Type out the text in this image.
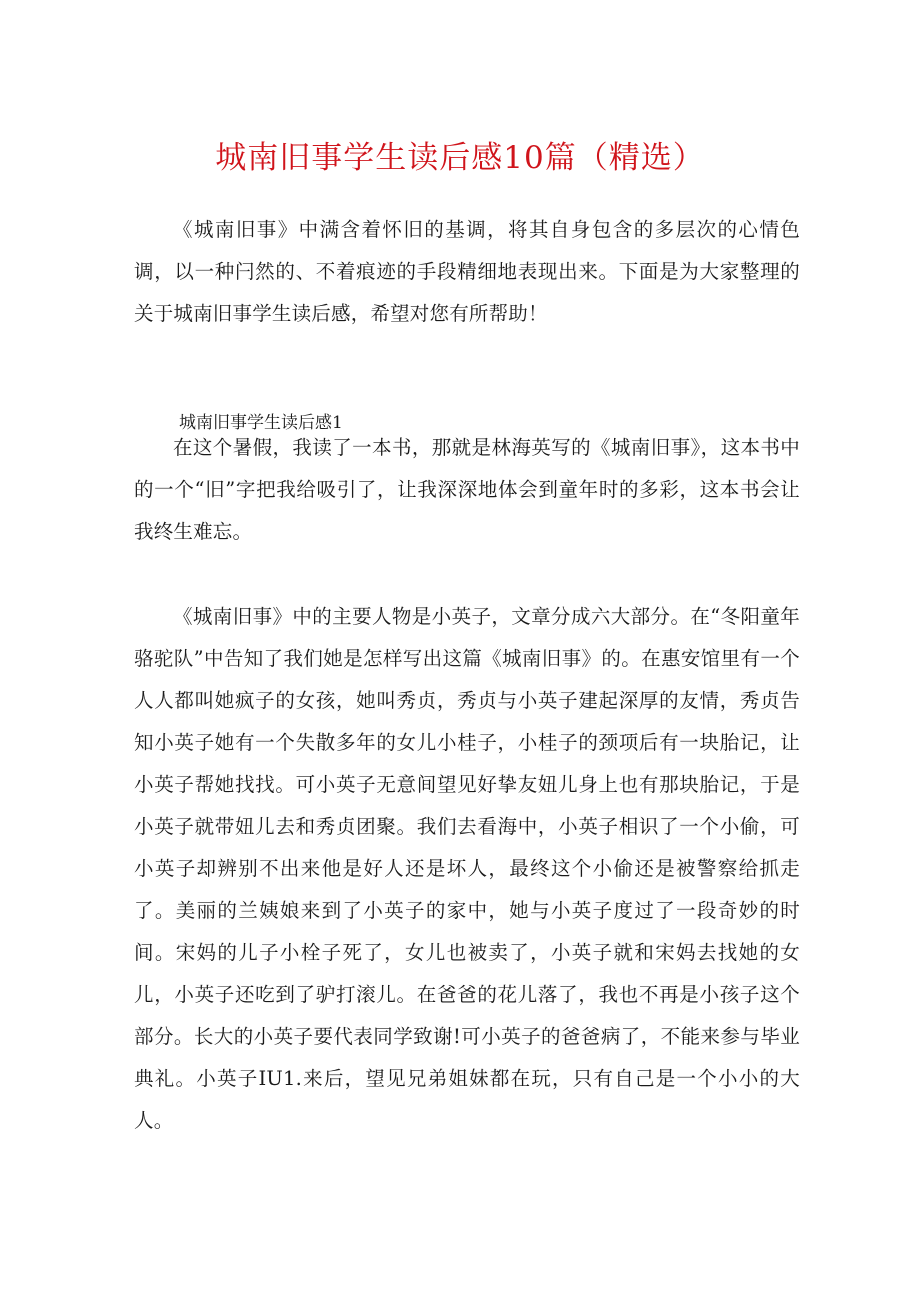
城南旧事学生读后感10篇（精选）

《城南旧事》中满含着怀旧的基调，将其自身包含的多层次的心情色调，以一种闩然的、不着痕迹的手段精细地表现出来。下面是为大家整理的关于城南旧事学生读后感，希望对您有所帮助！

城南旧事学生读后感1

在这个暑假，我读了一本书，那就是林海英写的《城南旧事》，这本书中的一个“旧”字把我给吸引了，让我深深地体会到童年时的多彩，这本书会让我终生难忘。

《城南旧事》中的主要人物是小英子，文章分成六大部分。在“冬阳童年骆驼队”中告知了我们她是怎样写出这篇《城南旧事》的。在惠安馆里有一个人人都叫她疯子的女孩，她叫秀贞，秀贞与小英子建起深厚的友情，秀贞告知小英子她有一个失散多年的女儿小桂子，小桂子的颈项后有一块胎记，让小英子帮她找找。可小英子无意间望见好挚友妞儿身上也有那块胎记，于是小英子就带妞儿去和秀贞团聚。我们去看海中，小英子相识了一个小偷，可小英子却辨别不出来他是好人还是坏人，最终这个小偷还是被警察给抓走了。美丽的兰姨娘来到了小英子的家中，她与小英子度过了一段奇妙的时间。宋妈的儿子小栓子死了，女儿也被卖了，小英子就和宋妈去找她的女儿，小英子还吃到了驴打滚儿。在爸爸的花儿落了，我也不再是小孩子这个部分。长大的小英子要代表同学致谢!可小英子的爸爸病了，不能来参与毕业典礼。小英子IU1.来后，望见兄弟姐妹都在玩，只有自己是一个小小的大人。
